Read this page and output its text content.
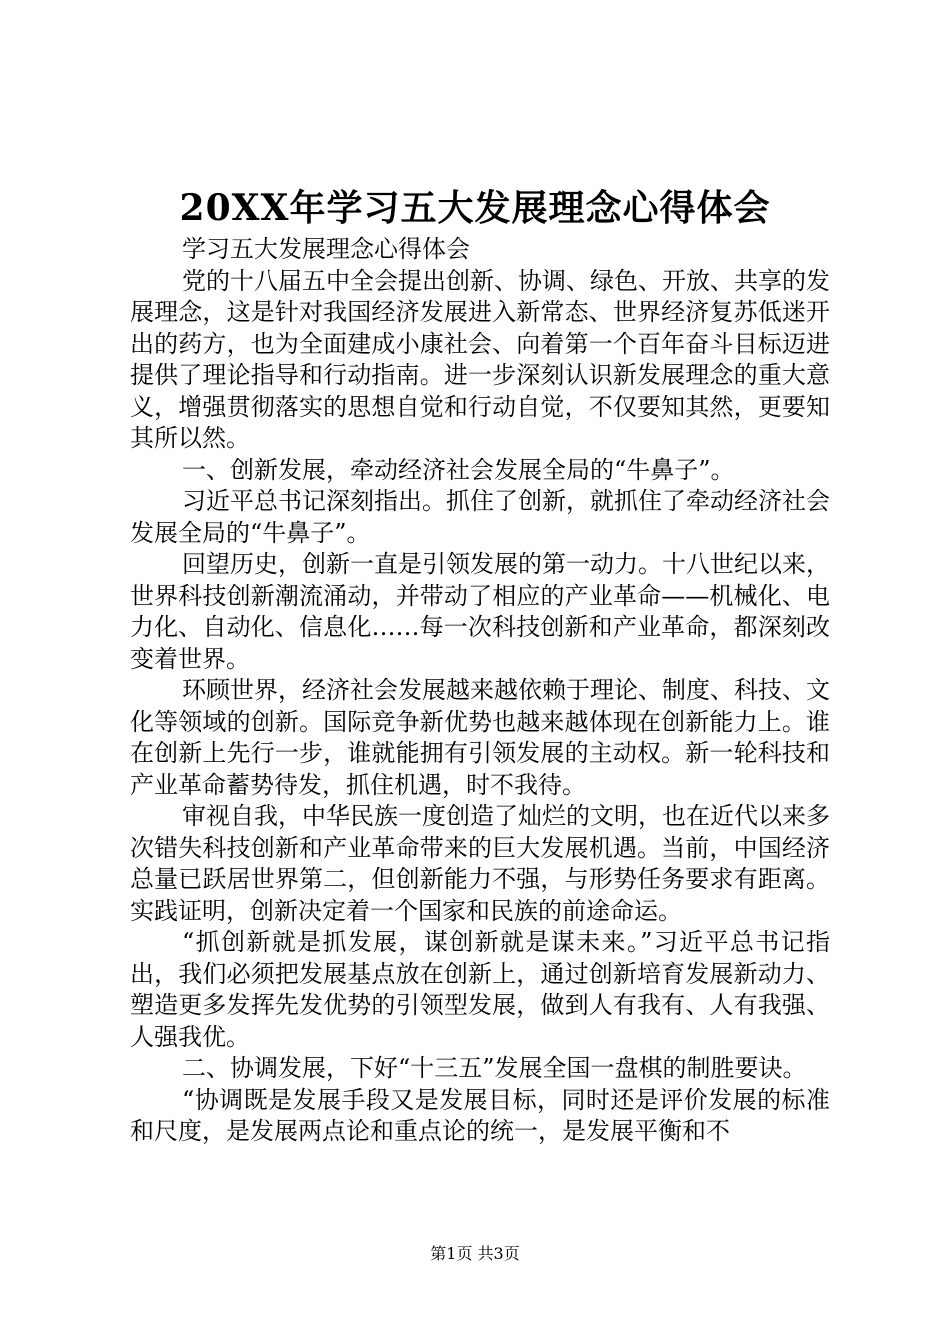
20XX年学习五大发展理念心得体会

学习五大发展理念心得体会

党的十八届五中全会提出创新、协调、绿色、开放、共享的发展理念，这是针对我国经济发展进入新常态、世界经济复苏低迷开出的药方，也为全面建成小康社会、向着第一个百年奋斗目标迈进提供了理论指导和行动指南。进一步深刻认识新发展理念的重大意义，增强贯彻落实的思想自觉和行动自觉，不仅要知其然，更要知其所以然。

一、创新发展，牵动经济社会发展全局的“牛鼻子”。

习近平总书记深刻指出。抓住了创新，就抓住了牵动经济社会发展全局的“牛鼻子”。

回望历史，创新一直是引领发展的第一动力。十八世纪以来，世界科技创新潮流涌动，并带动了相应的产业革命——机械化、电力化、自动化、信息化……每一次科技创新和产业革命，都深刻改变着世界。

环顾世界，经济社会发展越来越依赖于理论、制度、科技、文化等领域的创新。国际竞争新优势也越来越体现在创新能力上。谁在创新上先行一步，谁就能拥有引领发展的主动权。新一轮科技和产业革命蓄势待发，抓住机遇，时不我待。

审视自我，中华民族一度创造了灿烂的文明，也在近代以来多次错失科技创新和产业革命带来的巨大发展机遇。当前，中国经济总量已跃居世界第二，但创新能力不强，与形势任务要求有距离。实践证明，创新决定着一个国家和民族的前途命运。

“抓创新就是抓发展，谋创新就是谋未来。”习近平总书记指出，我们必须把发展基点放在创新上，通过创新培育发展新动力、塑造更多发挥先发优势的引领型发展，做到人有我有、人有我强、人强我优。

二、协调发展，下好“十三五”发展全国一盘棋的制胜要诀。

“协调既是发展手段又是发展目标，同时还是评价发展的标准和尺度，是发展两点论和重点论的统一，是发展平衡和不

第1页 共3页
